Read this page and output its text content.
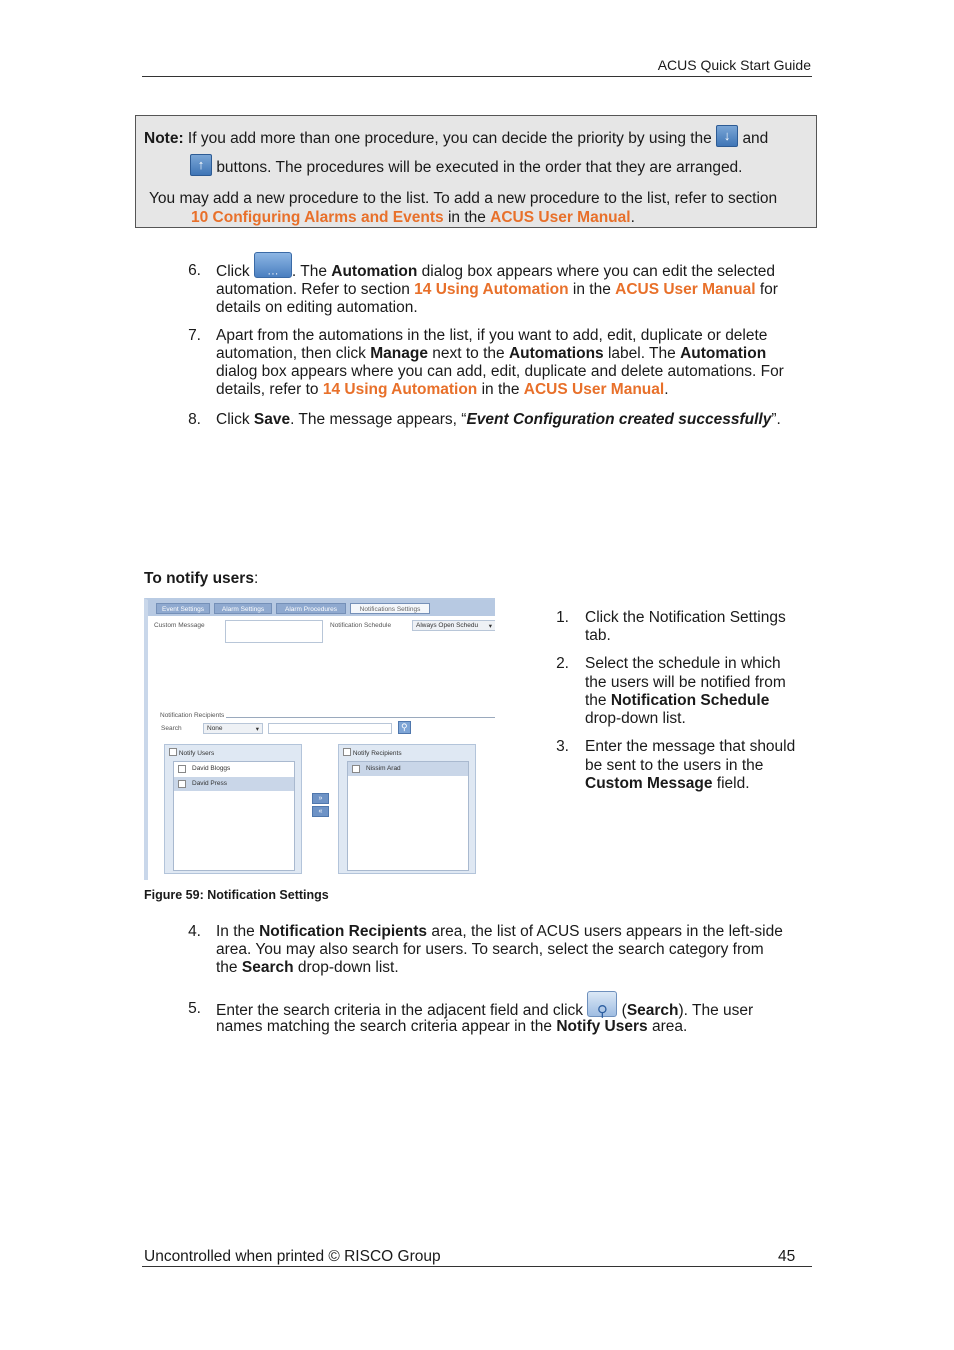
ACUS Quick Start Guide
Note: If you add more than one procedure, you can decide the priority by using the ↓ and
↑ buttons. The procedures will be executed in the order that they are arranged.
You may add a new procedure to the list. To add a new procedure to the list, refer to section
10 Configuring Alarms and Events in the ACUS User Manual.
6. Click	··· . The Automation dialog box appears where you can edit the selected
automation. Refer to section 14 Using Automation in the ACUS User Manual for
details on editing automation.
7. Apart from the automations in the list, if you want to add, edit, duplicate or delete
automation, then click Manage next to the Automations label. The Automation
dialog box appears where you can add, edit, duplicate and delete automations. For
details, refer to 14 Using Automation in the ACUS User Manual.
8. Click Save. The message appears, “Event Configuration created successfully”.
To notify users:
Event Settings	Alarm Settings	Alarm Procedures	Notifications Settings
Custom Message	Notification Schedule	Always Open Schedu ▾
Notification Recipients
Search	None	▾	⚲
Notify Users
David Bloggs
David Press
»
«
Notify Recipients
Nissim Arad
Figure 59: Notification Settings
1. Click the Notification Settings
tab.
2. Select the schedule in which
the users will be notified from
the Notification Schedule
drop-down list.
3. Enter the message that should
be sent to the users in the
Custom Message field.
4. In the Notification Recipients area, the list of ACUS users appears in the left-side
area. You may also search for users. To search, select the search category from
the Search drop-down list.
5. Enter the search criteria in the adjacent field and click ⚲ (Search). The user
names matching the search criteria appear in the Notify Users area.
Uncontrolled when printed © RISCO Group	45
